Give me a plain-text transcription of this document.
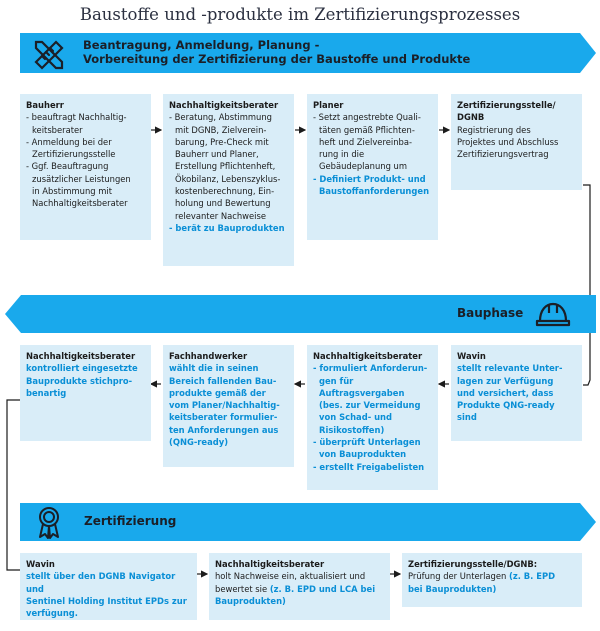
Baustoffe und -produkte im Zertifizierungsprozesses
Beantragung, Anmeldung, Planung -
Vorbereitung der Zertifizierung der Baustoffe und Produkte
Bauherr
- beauftragt Nachhaltig-
keitsberater
- Anmeldung bei der
Zertifizierungsstelle
- Ggf. Beauftragung
zusätzlicher Leistungen
in Abstimmung mit
Nachhaltigkeitsberater
Nachhaltigkeitsberater
- Beratung, Abstimmung
mit DGNB, Zielverein-
barung, Pre-Check mit
Bauherr und Planer,
Erstellung Pflichtenheft,
Ökobilanz, Lebenszyklus-
kostenberechnung, Ein-
holung und Bewertung
relevanter Nachweise
- berät zu Bauprodukten
Planer
- Setzt angestrebte Quali-
täten gemäß Pflichten-
heft und Zielvereinba-
rung in die
Gebäudeplanung um
- Definiert Produkt- und
Baustoffanforderungen
Zertifizierungsstelle/
DGNB
Registrierung des
Projektes und Abschluss
Zertifizierungsvertrag
Bauphase
Nachhaltigkeitsberater
kontrolliert eingesetzte
Bauprodukte stichpro-
benartig
Fachhandwerker
wählt die in seinen
Bereich fallenden Bau-
produkte gemäß der
vom Planer/Nachhaltig-
keitsberater formulier-
ten Anforderungen aus
(QNG-ready)
Nachhaltigkeitsberater
- formuliert Anforderun-
gen für Auftragsvergaben
(bes. zur Vermeidung
von Schad- und
Risikostoffen)
- überprüft Unterlagen
von Bauprodukten
- erstellt Freigabelisten
Wavin
stellt relevante Unter-
lagen zur Verfügung
und versichert, dass
Produkte QNG-ready
sind
Zertifizierung
Wavin
stellt über den DGNB Navigator und
Sentinel Holding Institut EPDs zur
verfügung.
Nachhaltigkeitsberater
holt Nachweise ein, aktualisiert und
bewertet sie (z. B. EPD und LCA bei
Bauprodukten)
Zertifizierungsstelle/DGNB:
Prüfung der Unterlagen (z. B. EPD
bei Bauprodukten)
